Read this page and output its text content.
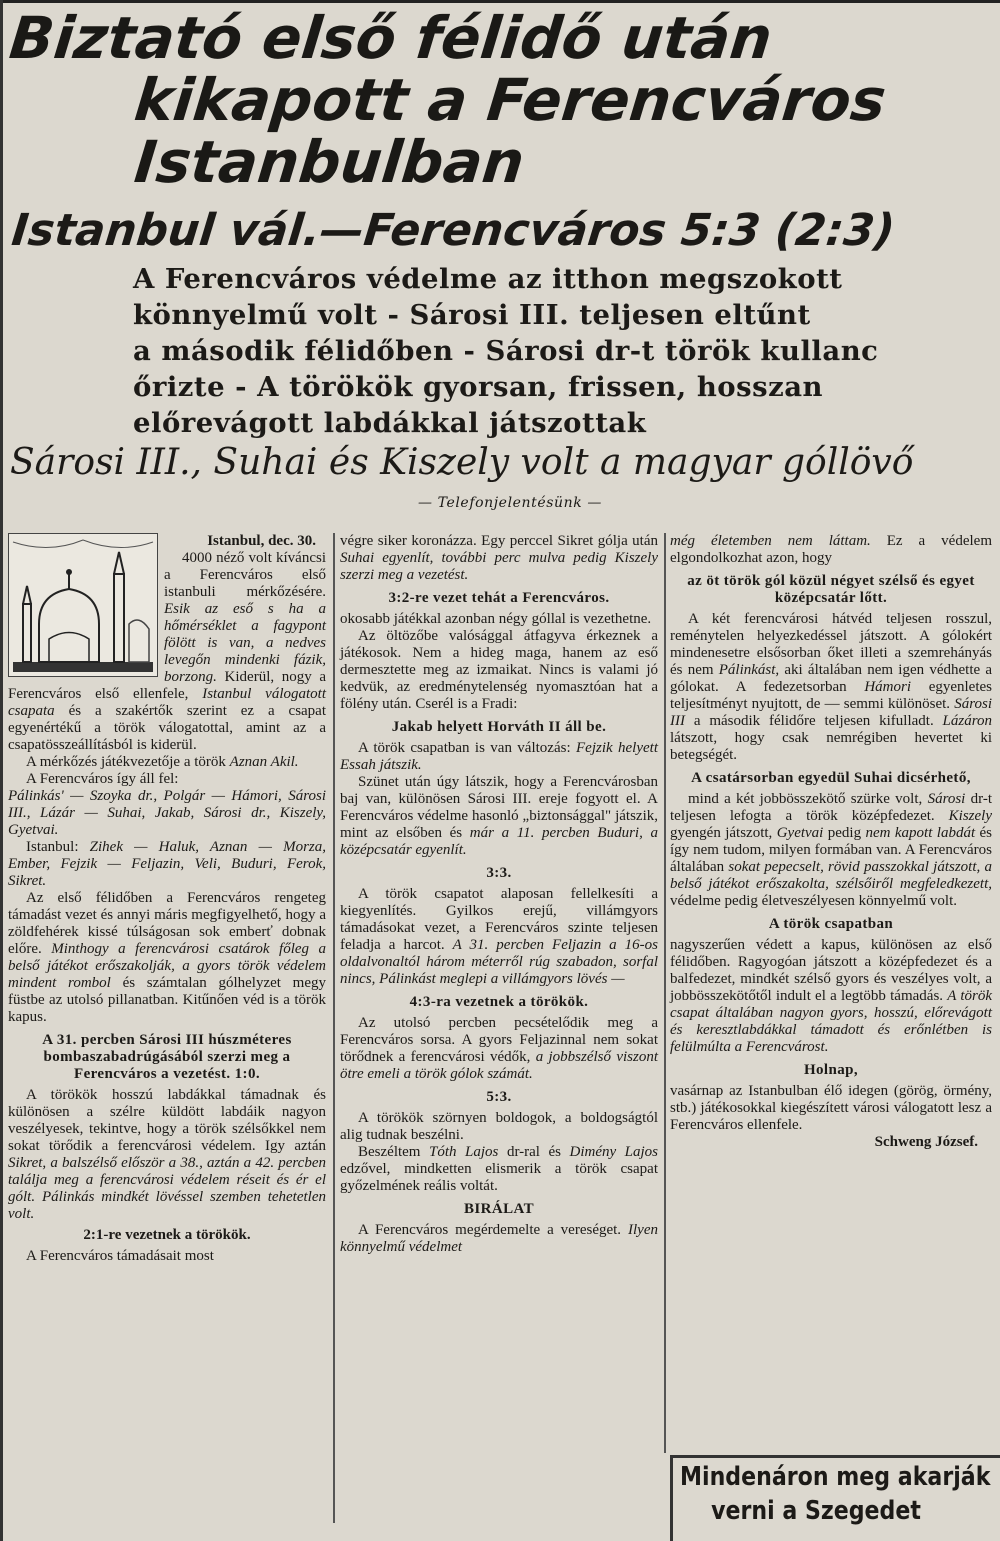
Biztató első félidő után
kikapott a Ferencváros
Istanbulban
Istanbul vál.—Ferencváros 5:3 (2:3)
A Ferencváros védelme az itthon megszokott
könnyelmű volt - Sárosi III. teljesen eltűnt
a második félidőben - Sárosi dr-t török kullanc
őrizte - A törökök gyorsan, frissen, hosszan
előrevágott labdákkal játszottak
Sárosi III., Suhai és Kiszely volt a magyar góllövő
— Telefonjelentésünk —

Istanbul, dec. 30.

4000 néző volt kíváncsi a Ferencváros első istanbuli mérkőzésére. Esik az eső s ha a hőmérséklet a fagypont fölött is van, a nedves levegőn mindenki fázik, borzong. Kiderül, nogy a Ferencváros első ellenfele, Istanbul válogatott csapata és a szakértők szerint ez a csapat egyenértékű a török válogatottal, amint az a csapatösszeállításból is kiderül.

A mérkőzés játékvezetője a török Aznan Akil.

A Ferencváros így áll fel:

Pálinkás' — Szoyka dr., Polgár — Hámori, Sárosi III., Lázár — Suhai, Jakab, Sárosi dr., Kiszely, Gyetvai.

Istanbul: Zihek — Haluk, Aznan — Morza, Ember, Fejzik — Feljazin, Veli, Buduri, Ferok, Sikret.

Az első félidőben a Ferencváros rengeteg támadást vezet és annyi máris megfigyelhető, hogy a zöldfehérek kissé túlságosan sok emberť dobnak előre. Minthogy a ferencvárosi csatárok főleg a belső játékot erőszakolják, a gyors török védelem mindent rombol és számtalan gólhelyzet megy füstbe az utolsó pillanatban. Kitűnően véd is a török kapus.

A 31. percben Sárosi III húszméteres bombaszabadrúgásából szerzi meg a Ferencváros a vezetést. 1:0.

A törökök hosszú labdákkal támadnak és különösen a szélre küldött labdáik nagyon veszélyesek, tekintve, hogy a török szélsőkkel nem sokat törődik a ferencvárosi védelem. Igy aztán Sikret, a balszélső először a 38., aztán a 42. percben találja meg a ferencvárosi védelem réseit és ér el gólt. Pálinkás mindkét lövéssel szemben tehetetlen volt.

2:1-re vezetnek a törökök.

A Ferencváros támadásait most

végre siker koronázza. Egy perccel Sikret gólja után Suhai egyenlít, további perc mulva pedig Kiszely szerzi meg a vezetést.

3:2-re vezet tehát a Ferencváros.

okosabb játékkal azonban négy góllal is vezethetne.

Az öltözőbe valósággal átfagyva érkeznek a játékosok. Nem a hideg maga, hanem az eső dermesztette meg az izmaikat. Nincs is valami jó kedvük, az eredménytelenség nyomasztóan hat a fölény után. Cserél is a Fradi:

Jakab helyett Horváth II áll be.

A török csapatban is van változás: Fejzik helyett Essah játszik.

Szünet után úgy látszik, hogy a Ferencvárosban baj van, különösen Sárosi III. ereje fogyott el. A Ferencváros védelme hasonló „biztonsággal" játszik, mint az elsőben és már a 11. percben Buduri, a középcsatár egyenlít.

3:3.

A török csapatot alaposan fellelkesíti a kiegyenlítés. Gyilkos erejű, villámgyors támadásokat vezet, a Ferencváros szinte teljesen feladja a harcot. A 31. percben Feljazin a 16-os oldalvonaltól három méterről rúg szabadon, sorfal nincs, Pálinkást meglepi a villámgyors lövés —

4:3-ra vezetnek a törökök.

Az utolsó percben pecsételődik meg a Ferencváros sorsa. A gyors Feljazinnal nem sokat törődnek a ferencvárosi védők, a jobbszélső viszont ötre emeli a török gólok számát.

5:3.

A törökök szörnyen boldogok, a boldogságtól alig tudnak beszélni.

Beszéltem Tóth Lajos dr-ral és Dimény Lajos edzővel, mindketten elismerik a török csapat győzelmének reális voltát.

BIRÁLAT

A Ferencváros megérdemelte a vereséget. Ilyen könnyelmű védelmet

még életemben nem láttam. Ez a védelem elgondolkozhat azon, hogy

az öt török gól közül négyet szélső és egyet középcsatár lőtt.

A két ferencvárosi hátvéd teljesen rosszul, reménytelen helyezkedéssel játszott. A gólokért mindenesetre elsősorban őket illeti a szemrehányás és nem Pálinkást, aki általában nem igen védhette a gólokat. A fedezetsorban Hámori egyenletes teljesítményt nyujtott, de — semmi különöset. Sárosi III a második félidőre teljesen kifulladt. Lázáron látszott, hogy csak nemrégiben hevertet ki betegségét.

A csatársorban egyedül Suhai dicsérhető,

mind a két jobbösszekötő szürke volt, Sárosi dr-t teljesen lefogta a török középfedezet. Kiszely gyengén játszott, Gyetvai pedig nem kapott labdát és így nem tudom, milyen formában van. A Ferencváros általában sokat pepecselt, rövid passzokkal játszott, a belső játékot erőszakolta, szélsőiről megfeledkezett, védelme pedig életveszélyesen könnyelmű volt.

A török csapatban

nagyszerűen védett a kapus, különösen az első félidőben. Ragyogóan játszott a középfedezet és a balfedezet, mindkét szélső gyors és veszélyes volt, a jobbösszekötőtől indult el a legtöbb támadás. A török csapat általában nagyon gyors, hosszú, előrevágott és keresztlabdákkal támadott és erőnlétben is felülmúlta a Ferencvárost.

Holnap,

vasárnap az Istanbulban élő idegen (görög, örmény, stb.) játékosokkal kiegészített városi válogatott lesz a Ferencváros ellenfele.

Schweng József.

Mindenáron meg akarják
verni a Szegedet
